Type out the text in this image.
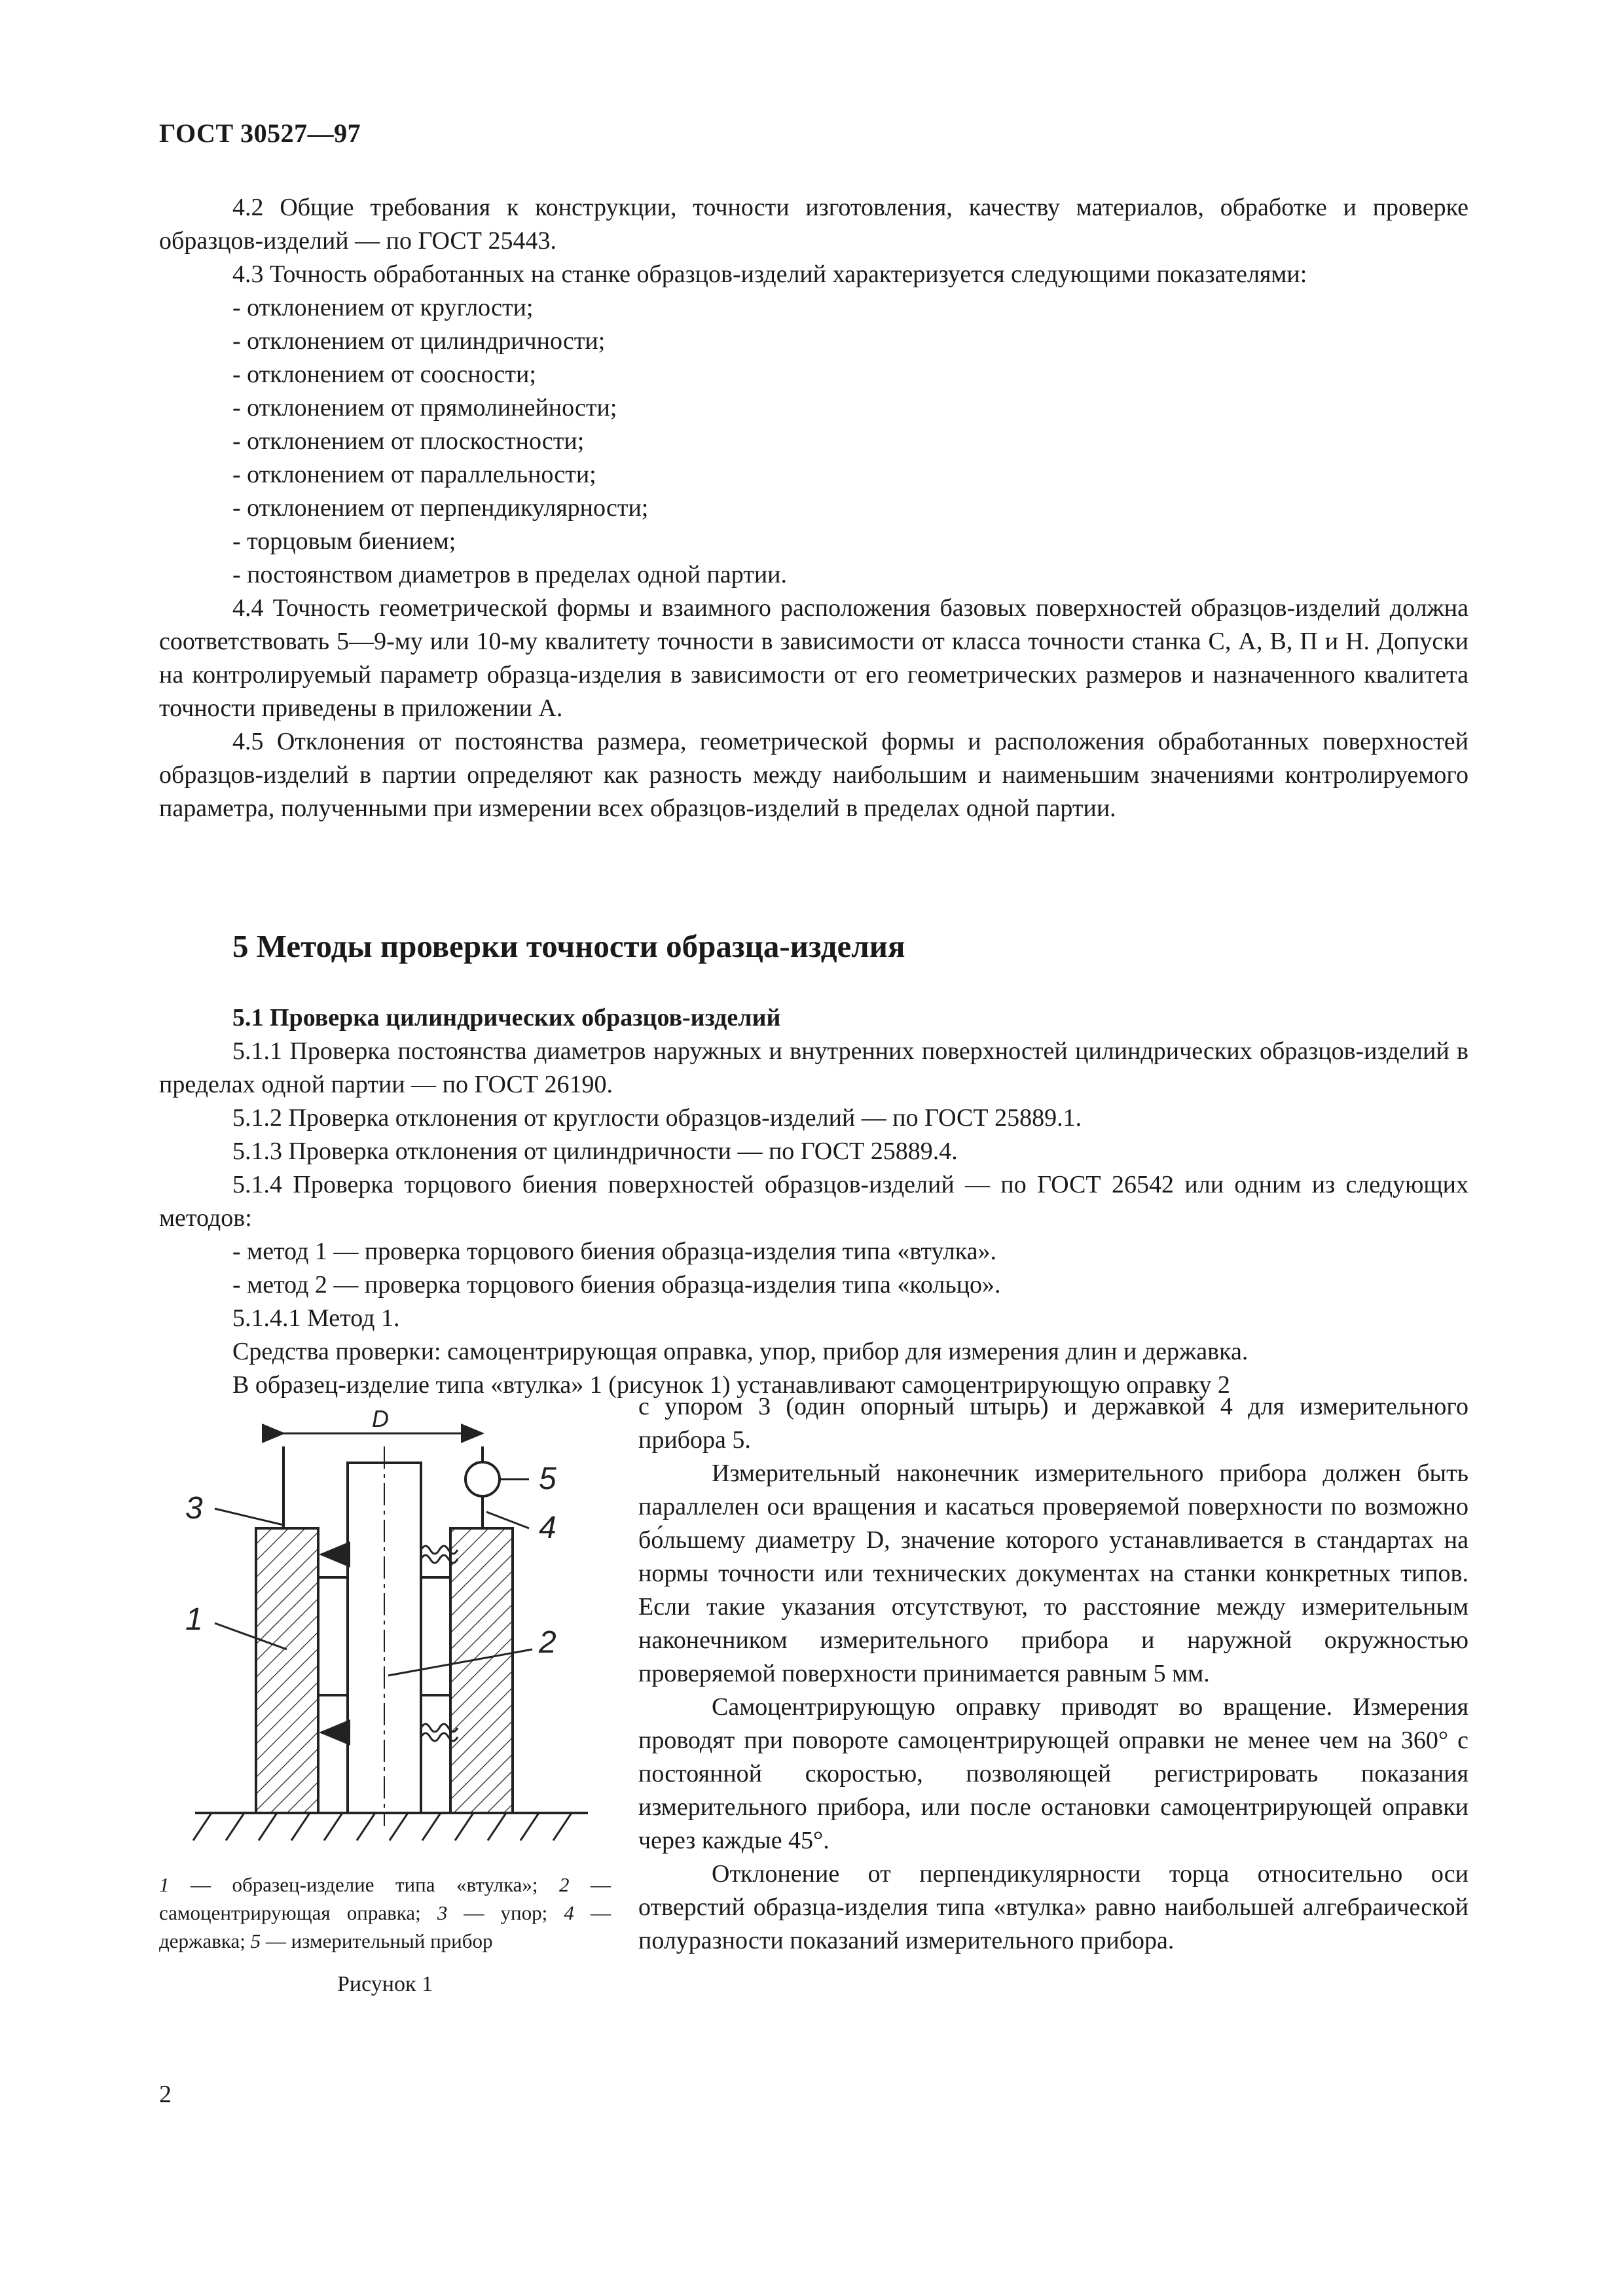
ГОСТ 30527—97

4.2 Общие требования к конструкции, точности изготовления, качеству материалов, обработке и проверке образцов-изделий — по ГОСТ 25443.

4.3 Точность обработанных на станке образцов-изделий характеризуется следующими показателями:

- отклонением от круглости;

- отклонением от цилиндричности;

- отклонением от соосности;

- отклонением от прямолинейности;

- отклонением от плоскостности;

- отклонением от параллельности;

- отклонением от перпендикулярности;

- торцовым биением;

- постоянством диаметров в пределах одной партии.

4.4 Точность геометрической формы и взаимного расположения базовых поверхностей образцов-изделий должна соответствовать 5—9-му или 10-му квалитету точности в зависимости от класса точности станка С, А, В, П и Н. Допуски на контролируемый параметр образца-изделия в зависимости от его геометрических размеров и назначенного квалитета точности приведены в приложении А.

4.5 Отклонения от постоянства размера, геометрической формы и расположения обработанных поверхностей образцов-изделий в партии определяют как разность между наибольшим и наименьшим значениями контролируемого параметра, полученными при измерении всех образцов-изделий в пределах одной партии.

5 Методы проверки точности образца-изделия

5.1 Проверка цилиндрических образцов-изделий

5.1.1 Проверка постоянства диаметров наружных и внутренних поверхностей цилиндрических образцов-изделий в пределах одной партии — по ГОСТ 26190.

5.1.2 Проверка отклонения от круглости образцов-изделий — по ГОСТ 25889.1.

5.1.3 Проверка отклонения от цилиндричности — по ГОСТ 25889.4.

5.1.4 Проверка торцового биения поверхностей образцов-изделий — по ГОСТ 26542 или одним из следующих методов:

- метод 1 — проверка торцового биения образца-изделия типа «втулка».

- метод 2 — проверка торцового биения образца-изделия типа «кольцо».

5.1.4.1 Метод 1.

Средства проверки: самоцентрирующая оправка, упор, прибор для измерения длин и державка.

В образец-изделие типа «втулка» 1 (рисунок 1) устанавливают самоцентрирующую оправку 2

с упором 3 (один опорный штырь) и державкой 4 для измерительного прибора 5.

Измерительный наконечник измерительного прибора должен быть параллелен оси вращения и касаться проверяемой поверхности по возможно бо́льшему диаметру D, значение которого устанавливается в стандартах на нормы точности или технических документах на станки конкретных типов. Если такие указания отсутствуют, то расстояние между измерительным наконечником измерительного прибора и наружной окружностью проверяемой поверхности принимается равным 5 мм.

Самоцентрирующую оправку приводят во вращение. Измерения проводят при повороте самоцентрирующей оправки не менее чем на 360° с постоянной скоростью, позволяющей регистрировать показания измерительного прибора, или после остановки самоцентрирующей оправки через каждые 45°.

Отклонение от перпендикулярности торца относительно оси отверстий образца-изделия типа «втулка» равно наибольшей алгебраической полуразности показаний измерительного прибора.

D
3
1
2
5
4
1 — образец-изделие типа «втулка»; 2 — самоцентрирующая оправка; 3 — упор; 4 — державка; 5 — измерительный прибор
Рисунок 1
2
